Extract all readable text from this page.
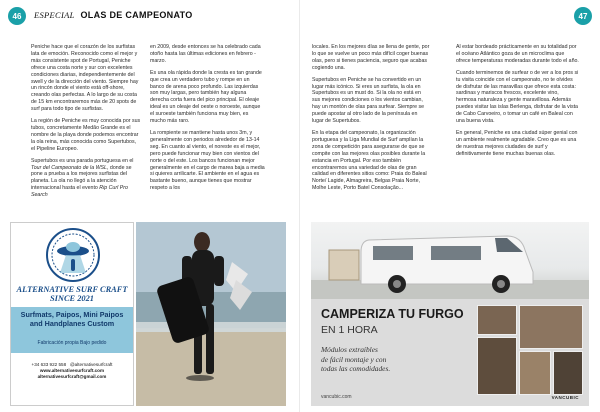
46	ESPECIAL OLAS DE CAMPEONATO

Peniche hace que el corazón de los surfistas lata de emoción. Reconocido como el mejor y más consistente spot de Portugal, Peniche ofrece una costa norte y sur con excelentes condiciones diarias, independientemente del swell y de la dirección del viento. Siempre hay un rincón donde el viento está off-shore, creando olas perfectas. A lo largo de su costa de 15 km encontraremos más de 20 spots de surf para todo tipo de surfistas.

La región de Peniche es muy conocida por sus tubos, concretamente Medão Grande es el nombre de la playa donde podemos encontrar la ola reina, más conocida como Supertubos, el Pipeline Europeo.

Supertubos es una parada portuguesa en el Tour del Campeonato de la WSL, donde se pone a prueba a los mejores surfistas del planeta. La ola no llegó a la atención internacional hasta el evento Rip Curl Pro Search

en 2009, desde entonces se ha celebrado cada otoño hasta las últimas ediciones en febrero - marzo.

Es una ola rápida donde la cresta es tan grande que crea un verdadero tubo y rompe en un banco de arena poco profundo. Las izquierdas son muy largas, pero también hay alguna derecha corta fuera del pico principal. El oleaje ideal es un oleaje del oeste o noroeste, aunque el suroeste también funciona muy bien, es mucho más raro.

La rompiente se mantiene hasta unos 3m, y generalmente con periodos alrededor de 13-14 seg. En cuanto al viento, el noreste es el mejor, pero puede funcionar muy bien con vientos del norte o del este. Los bancos funcionan mejor generalmente en el cargo de marea baja a media si quieres arrilicarte. El ambiente en el agua es bastante bueno, aunque tienes que mostrar respeto a los

ALTERNATIVE SURF CRAFT
SINCE 2021
Surfmats, Paipos, Mini Paipos
and Handplanes Custom
Fabricación propia Bajo pedido
+34 633 922 558 @alternativesurfcraft
www.alternativesurfcraft.com
alternativesurfcraft@gmail.com
47

locales. En los mejores días se llena de gente, por lo que se vuelve un poco más difícil coger buenas olas, pero si tienes paciencia, seguro que acabas cogiendo una.

Supertubos en Peniche se ha convertido en un lugar más icónico. Si eres un surfista, la ola en Supertubos es un must do. Si la ola no está en sus mejores condiciones o los vientos cambian, hay un montón de olas para surfear. Siempre se puede apostar al otro lado de la península en lugar de Supertubos.

En la etapa del campeonato, la organización portuguesa y la Liga Mundial de Surf amplían la zona de competición para asegurarse de que se compite con las mejores olas posibles durante la estancia en Portugal. Por eso también encontraremos una variedad de olas de gran calidad en diferentes sitios como: Praia do Baleal Norte/ Lagide, Almagreira, Belgas Praia Norte, Molhe Leste, Porto Batel Consolação...

Al estar bordeado prácticamente en su totalidad por el océano Atlántico goza de un microclima que ofrece temperaturas moderadas durante todo el año.

Cuando terminemos de surfear o de ver a los pros si tu visita coincide con el campeonato, no te olvides de disfrutar de las maravillas que ofrece esta costa: sardinas y mariscos frescos, excelente vino, hermosa naturaleza y gente maravillosa. Además puedes visitar las islas Berlenga, disfrutar de la vista de Cabo Carvoeiro, o tomar un café en Baleal con una buena vista.

En general, Peniche es una ciudad súper genial con un ambiente realmente agradable. Creo que es una de nuestras mejores ciudades de surf y definitivamente tiene muchas buenas olas.

CAMPERIZA TU FURGO
EN 1 HORA
Módulos extraíbles
de fácil montaje y con
todas las comodidades.
vancubic.com	VANCUBIC
